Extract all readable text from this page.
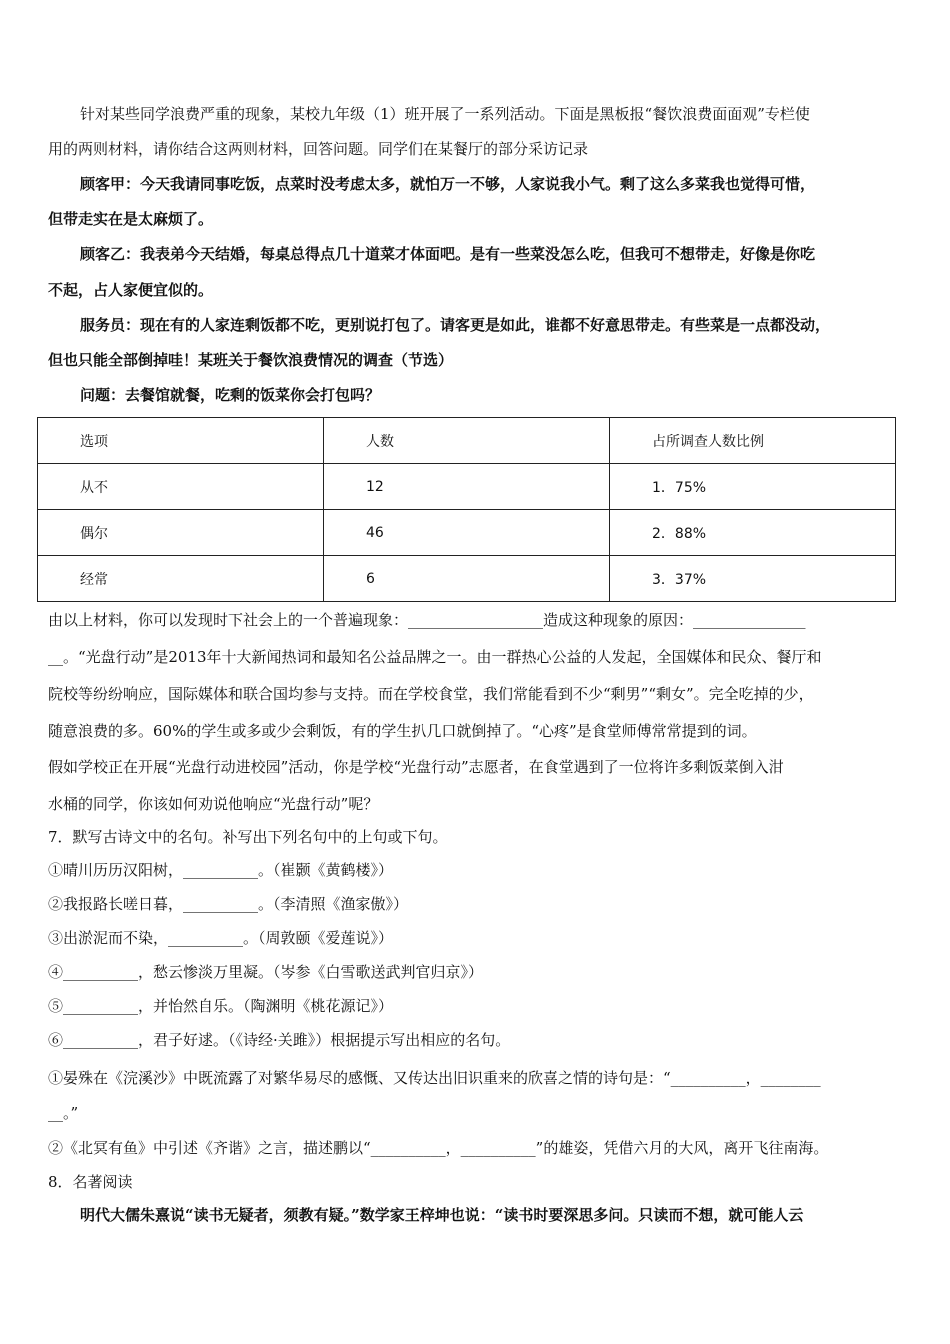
针对某些同学浪费严重的现象，某校九年级（1）班开展了一系列活动。下面是黑板报“餐饮浪费面面观”专栏使
用的两则材料，请你结合这两则材料，回答问题。同学们在某餐厅的部分采访记录
顾客甲：今天我请同事吃饭，点菜时没考虑太多，就怕万一不够，人家说我小气。剩了这么多菜我也觉得可惜，
但带走实在是太麻烦了。
顾客乙：我表弟今天结婚，每桌总得点几十道菜才体面吧。是有一些菜没怎么吃，但我可不想带走，好像是你吃
不起，占人家便宜似的。
服务员：现在有的人家连剩饭都不吃，更别说打包了。请客更是如此，谁都不好意思带走。有些菜是一点都没动，
但也只能全部倒掉哇！某班关于餐饮浪费情况的调查（节选）
问题：去餐馆就餐，吃剩的饭菜你会打包吗？
选项	人数	占所调查人数比例
从不	12	1．75%
偶尔	46	2．88%
经常	6	3．37%
由以上材料，你可以发现时下社会上的一个普遍现象：__________________造成这种现象的原因：_______________
__。“光盘行动”是2013年十大新闻热词和最知名公益品牌之一。由一群热心公益的人发起，全国媒体和民众、餐厅和
院校等纷纷响应，国际媒体和联合国均参与支持。而在学校食堂，我们常能看到不少“剩男”“剩女”。完全吃掉的少，
随意浪费的多。60%的学生或多或少会剩饭，有的学生扒几口就倒掉了。“心疼”是食堂师傅常常提到的词。
假如学校正在开展“光盘行动进校园”活动，你是学校“光盘行动”志愿者，在食堂遇到了一位将许多剩饭菜倒入泔
水桶的同学，你该如何劝说他响应“光盘行动”呢？
7．默写古诗文中的名句。补写出下列名句中的上句或下句。
①晴川历历汉阳树，__________。（崔颢《黄鹤楼》）
②我报路长嗟日暮，__________。（李清照《渔家傲》）
③出淤泥而不染，__________。（周敦颐《爱莲说》）
④__________，愁云惨淡万里凝。（岑参《白雪歌送武判官归京》）
⑤__________，并怡然自乐。（陶渊明《桃花源记》）
⑥__________，君子好逑。（《诗经·关雎》）根据提示写出相应的名句。
①晏殊在《浣溪沙》中既流露了对繁华易尽的感慨、又传达出旧识重来的欣喜之情的诗句是：“__________，________
__。”
②《北冥有鱼》中引述《齐谐》之言，描述鹏以“__________，__________”的雄姿，凭借六月的大风，离开飞往南海。
8．名著阅读
明代大儒朱熹说“读书无疑者，须教有疑。”数学家王梓坤也说：“读书时要深思多问。只读而不想，就可能人云
